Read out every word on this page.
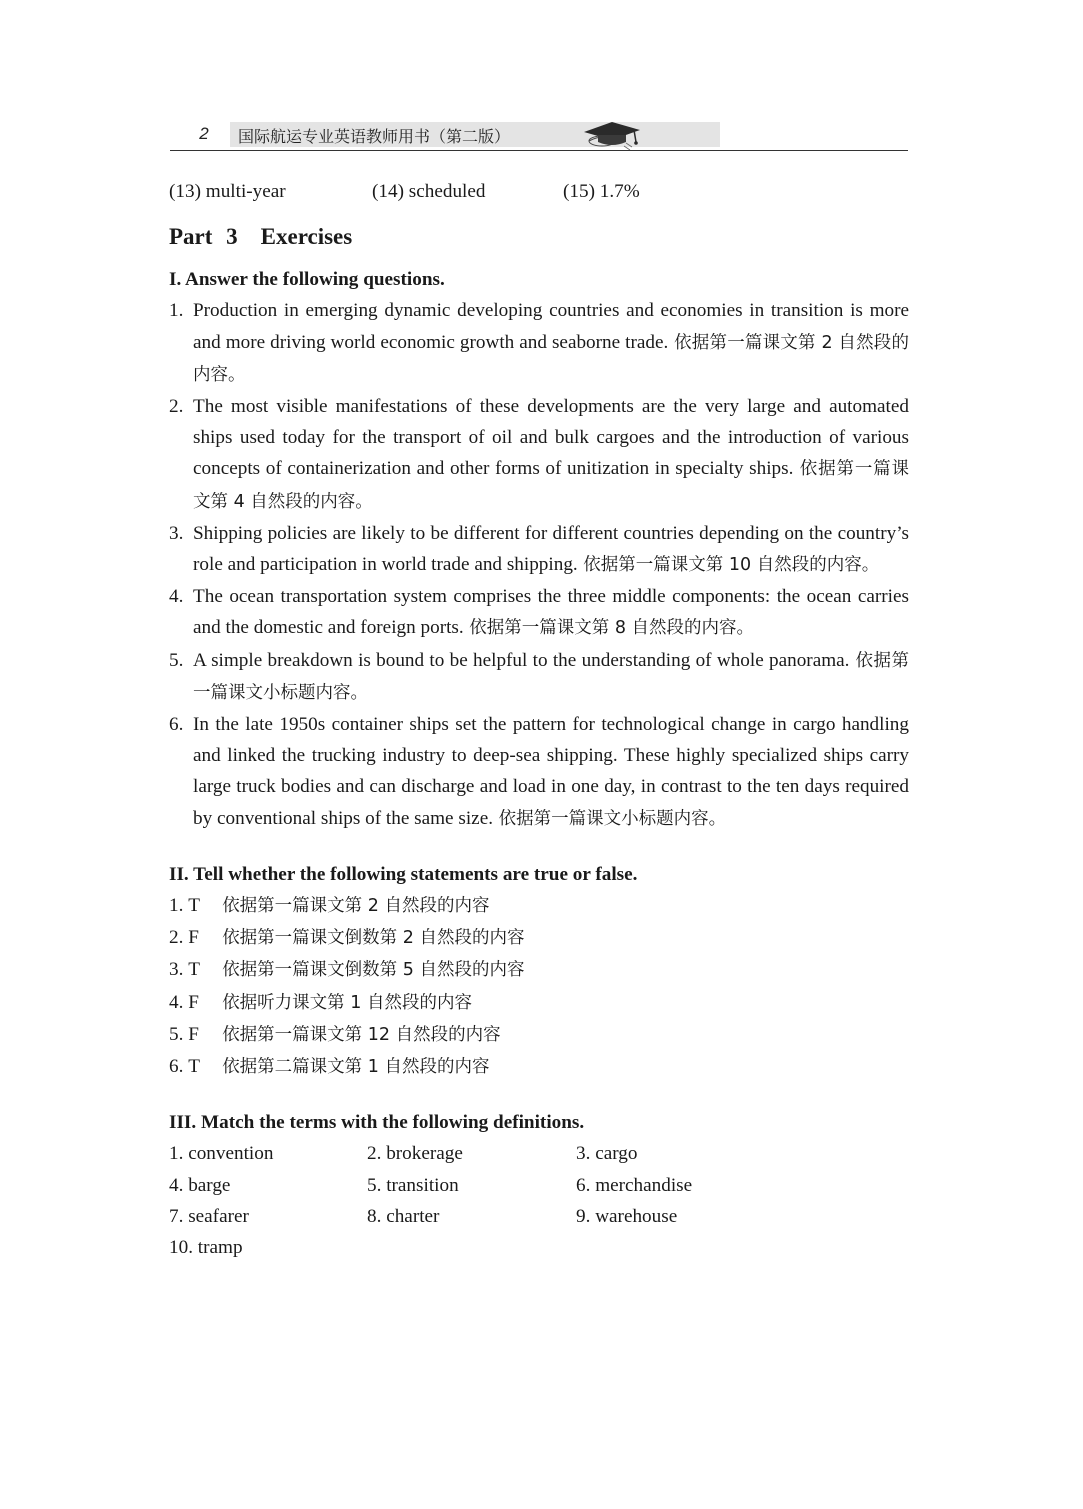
2	国际航运专业英语教师用书（第二版）
(13) multi-year	(14) scheduled	(15) 1.7%
Part 3 Exercises
I. Answer the following questions.
1. Production in emerging dynamic developing countries and economies in transition is more and more driving world economic growth and seaborne trade. 依据第一篇课文第 2 自然段的内容。
2. The most visible manifestations of these developments are the very large and automated ships used today for the transport of oil and bulk cargoes and the introduction of various concepts of containerization and other forms of unitization in specialty ships. 依据第一篇课文第 4 自然段的内容。
3. Shipping policies are likely to be different for different countries depending on the country’s role and participation in world trade and shipping. 依据第一篇课文第 10 自然段的内容。
4. The ocean transportation system comprises the three middle components: the ocean carries and the domestic and foreign ports. 依据第一篇课文第 8 自然段的内容。
5. A simple breakdown is bound to be helpful to the understanding of whole panorama. 依据第一篇课文小标题内容。
6. In the late 1950s container ships set the pattern for technological change in cargo handling and linked the trucking industry to deep-sea shipping. These highly specialized ships carry large truck bodies and can discharge and load in one day, in contrast to the ten days required by conventional ships of the same size. 依据第一篇课文小标题内容。
II. Tell whether the following statements are true or false.
1. T 依据第一篇课文第 2 自然段的内容
2. F 依据第一篇课文倒数第 2 自然段的内容
3. T 依据第一篇课文倒数第 5 自然段的内容
4. F 依据听力课文第 1 自然段的内容
5. F 依据第一篇课文第 12 自然段的内容
6. T 依据第二篇课文第 1 自然段的内容
III. Match the terms with the following definitions.
1. convention	2. brokerage	3. cargo
4. barge	5. transition	6. merchandise
7. seafarer	8. charter	9. warehouse
10. tramp
